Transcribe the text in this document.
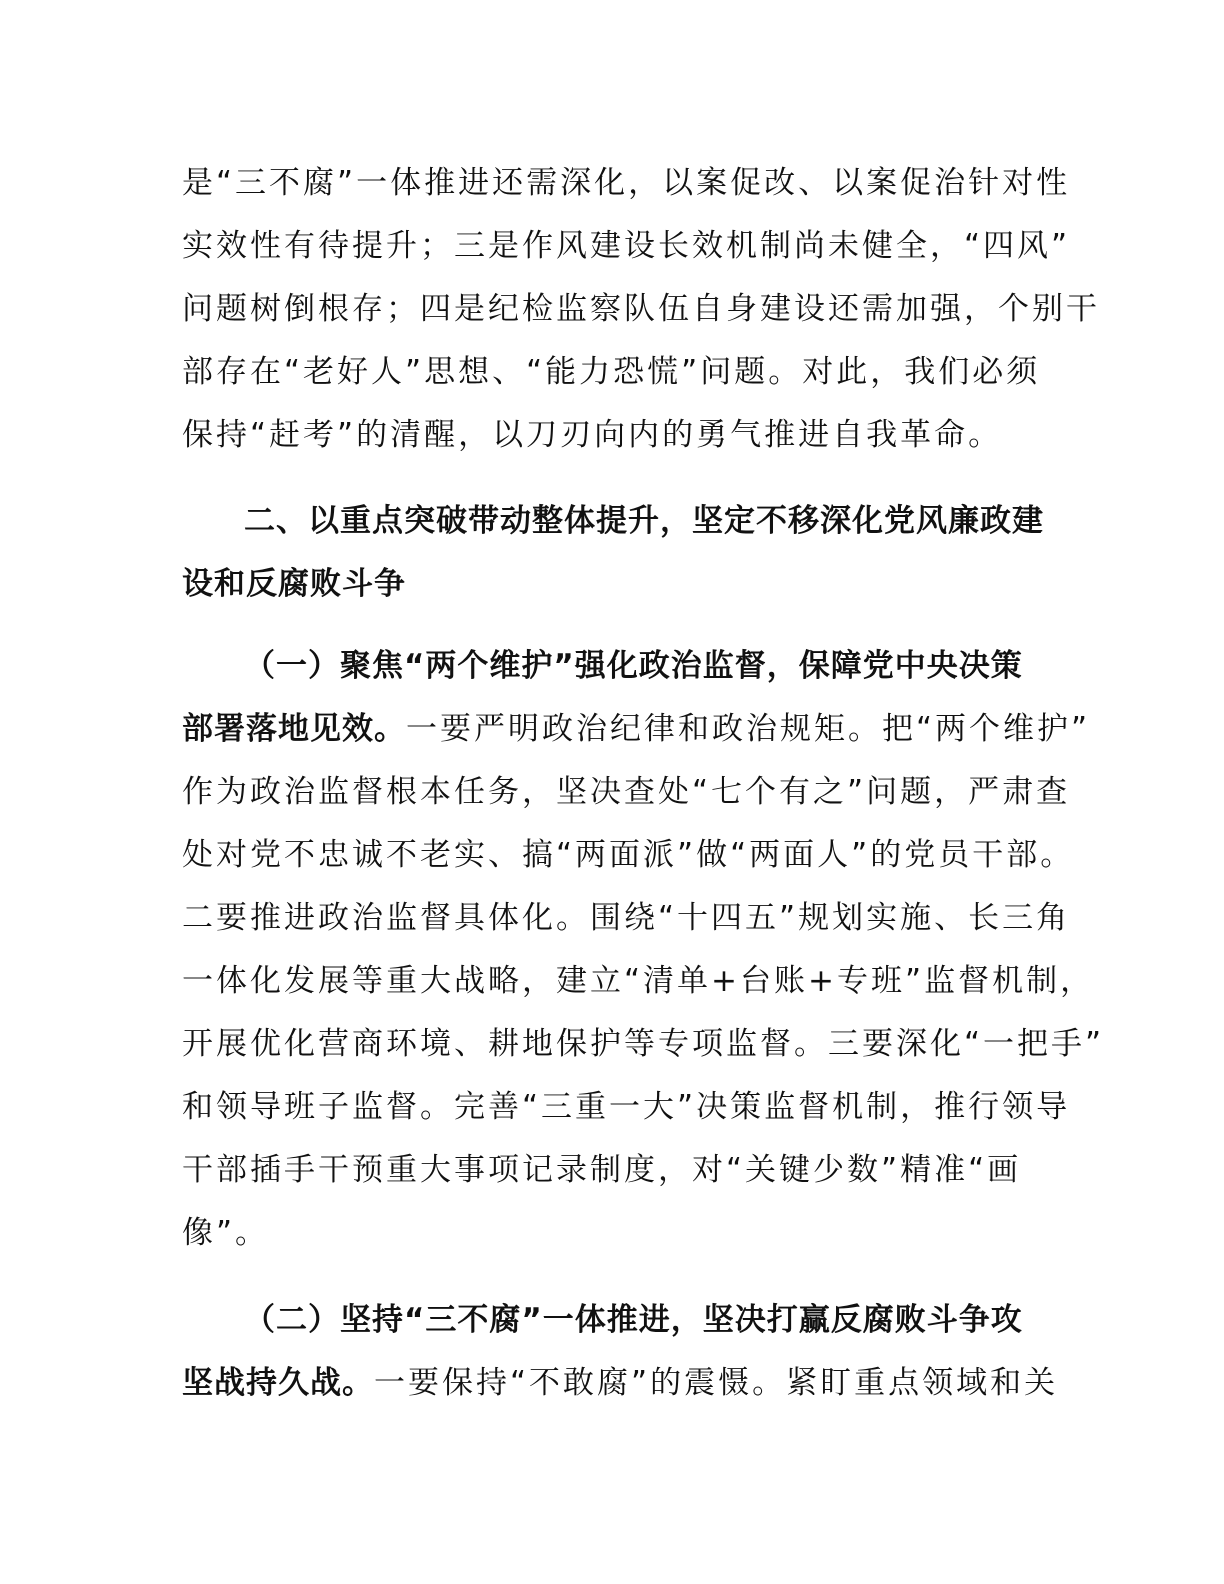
是“三不腐”一体推进还需深化，以案促改、以案促治针对性
实效性有待提升；三是作风建设长效机制尚未健全，“四风”
问题树倒根存；四是纪检监察队伍自身建设还需加强，个别干
部存在“老好人”思想、“能力恐慌”问题。对此，我们必须
保持“赶考”的清醒，以刀刃向内的勇气推进自我革命。
二、以重点突破带动整体提升，坚定不移深化党风廉政建
设和反腐败斗争
（一）聚焦“两个维护”强化政治监督，保障党中央决策
部署落地见效。一要严明政治纪律和政治规矩。把“两个维护”
作为政治监督根本任务，坚决查处“七个有之”问题，严肃查
处对党不忠诚不老实、搞“两面派”做“两面人”的党员干部。
二要推进政治监督具体化。围绕“十四五”规划实施、长三角
一体化发展等重大战略，建立“清单+台账+专班”监督机制，
开展优化营商环境、耕地保护等专项监督。三要深化“一把手”
和领导班子监督。完善“三重一大”决策监督机制，推行领导
干部插手干预重大事项记录制度，对“关键少数”精准“画
像”。
（二）坚持“三不腐”一体推进，坚决打赢反腐败斗争攻
坚战持久战。一要保持“不敢腐”的震慑。紧盯重点领域和关
